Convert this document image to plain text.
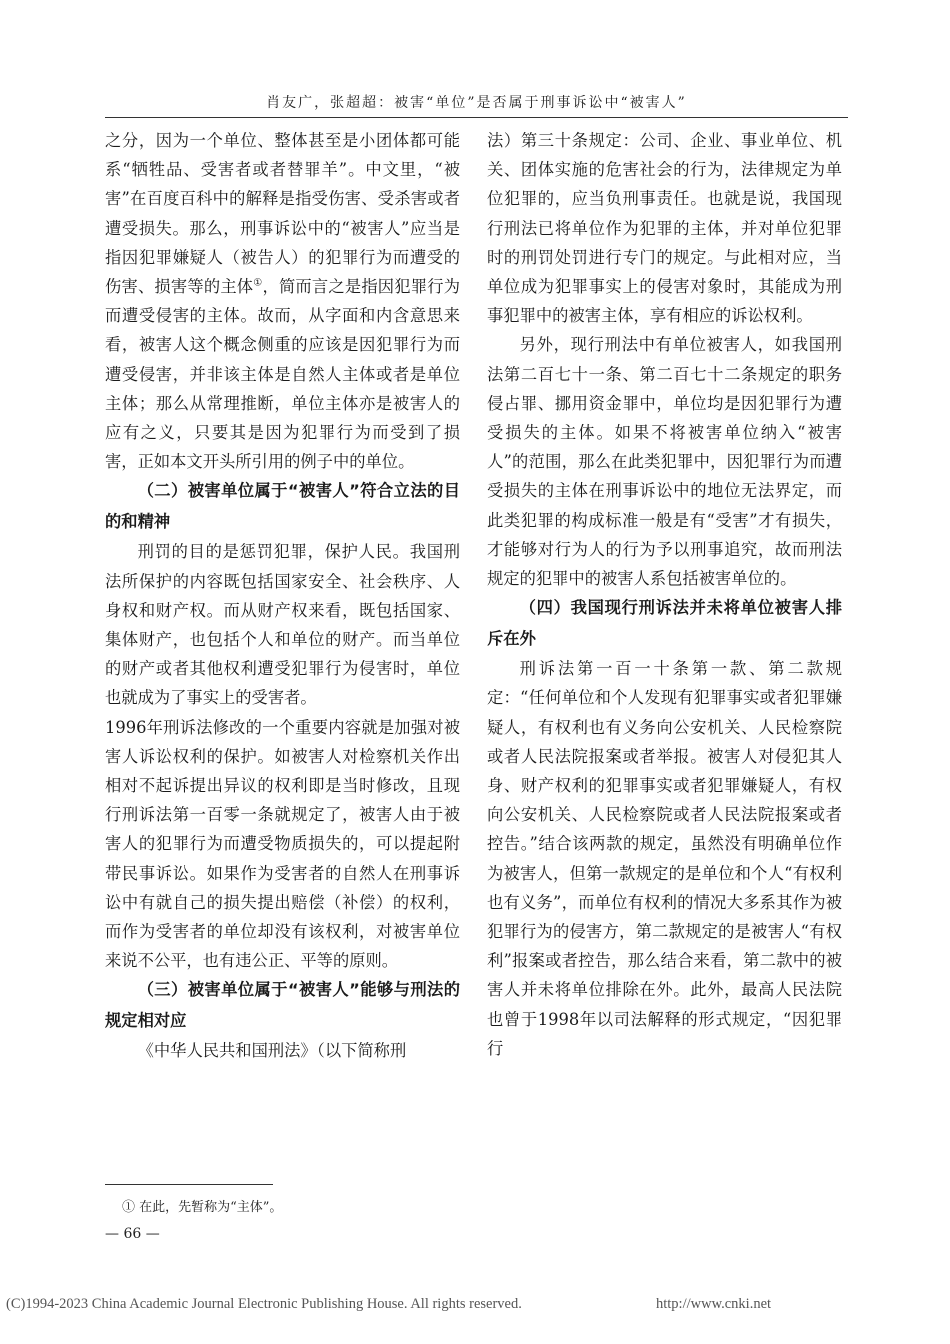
肖友广，张超超：被害“单位”是否属于刑事诉讼中“被害人”

之分，因为一个单位、整体甚至是小团体都可能系“牺牲品、受害者或者替罪羊”。中文里，“被害”在百度百科中的解释是指受伤害、受杀害或者遭受损失。那么，刑事诉讼中的“被害人”应当是指因犯罪嫌疑人（被告人）的犯罪行为而遭受的伤害、损害等的主体①，简而言之是指因犯罪行为而遭受侵害的主体。故而，从字面和内含意思来看，被害人这个概念侧重的应该是因犯罪行为而遭受侵害，并非该主体是自然人主体或者是单位主体；那么从常理推断，单位主体亦是被害人的应有之义，只要其是因为犯罪行为而受到了损害，正如本文开头所引用的例子中的单位。

（二）被害单位属于“被害人”符合立法的目的和精神

刑罚的目的是惩罚犯罪，保护人民。我国刑法所保护的内容既包括国家安全、社会秩序、人身权和财产权。而从财产权来看，既包括国家、集体财产，也包括个人和单位的财产。而当单位的财产或者其他权利遭受犯罪行为侵害时，单位也就成为了事实上的受害者。

1996年刑诉法修改的一个重要内容就是加强对被害人诉讼权利的保护。如被害人对检察机关作出相对不起诉提出异议的权利即是当时修改，且现行刑诉法第一百零一条就规定了，被害人由于被害人的犯罪行为而遭受物质损失的，可以提起附带民事诉讼。如果作为受害者的自然人在刑事诉讼中有就自己的损失提出赔偿（补偿）的权利，而作为受害者的单位却没有该权利，对被害单位来说不公平，也有违公正、平等的原则。

（三）被害单位属于“被害人”能够与刑法的规定相对应

《中华人民共和国刑法》（以下简称刑

法）第三十条规定：公司、企业、事业单位、机关、团体实施的危害社会的行为，法律规定为单位犯罪的，应当负刑事责任。也就是说，我国现行刑法已将单位作为犯罪的主体，并对单位犯罪时的刑罚处罚进行专门的规定。与此相对应，当单位成为犯罪事实上的侵害对象时，其能成为刑事犯罪中的被害主体，享有相应的诉讼权利。

另外，现行刑法中有单位被害人，如我国刑法第二百七十一条、第二百七十二条规定的职务侵占罪、挪用资金罪中，单位均是因犯罪行为遭受损失的主体。如果不将被害单位纳入“被害人”的范围，那么在此类犯罪中，因犯罪行为而遭受损失的主体在刑事诉讼中的地位无法界定，而此类犯罪的构成标准一般是有“受害”才有损失，才能够对行为人的行为予以刑事追究，故而刑法规定的犯罪中的被害人系包括被害单位的。

（四）我国现行刑诉法并未将单位被害人排斥在外

刑诉法第一百一十条第一款、第二款规定：“任何单位和个人发现有犯罪事实或者犯罪嫌疑人，有权利也有义务向公安机关、人民检察院或者人民法院报案或者举报。被害人对侵犯其人身、财产权利的犯罪事实或者犯罪嫌疑人，有权向公安机关、人民检察院或者人民法院报案或者控告。”结合该两款的规定，虽然没有明确单位作为被害人，但第一款规定的是单位和个人“有权利也有义务”，而单位有权利的情况大多系其作为被犯罪行为的侵害方，第二款规定的是被害人“有权利”报案或者控告，那么结合来看，第二款中的被害人并未将单位排除在外。此外，最高人民法院也曾于1998年以司法解释的形式规定，“因犯罪行

① 在此，先暂称为“主体”。
— 66 —
(C)1994-2023 China Academic Journal Electronic Publishing House. All rights reserved.	http://www.cnki.net
